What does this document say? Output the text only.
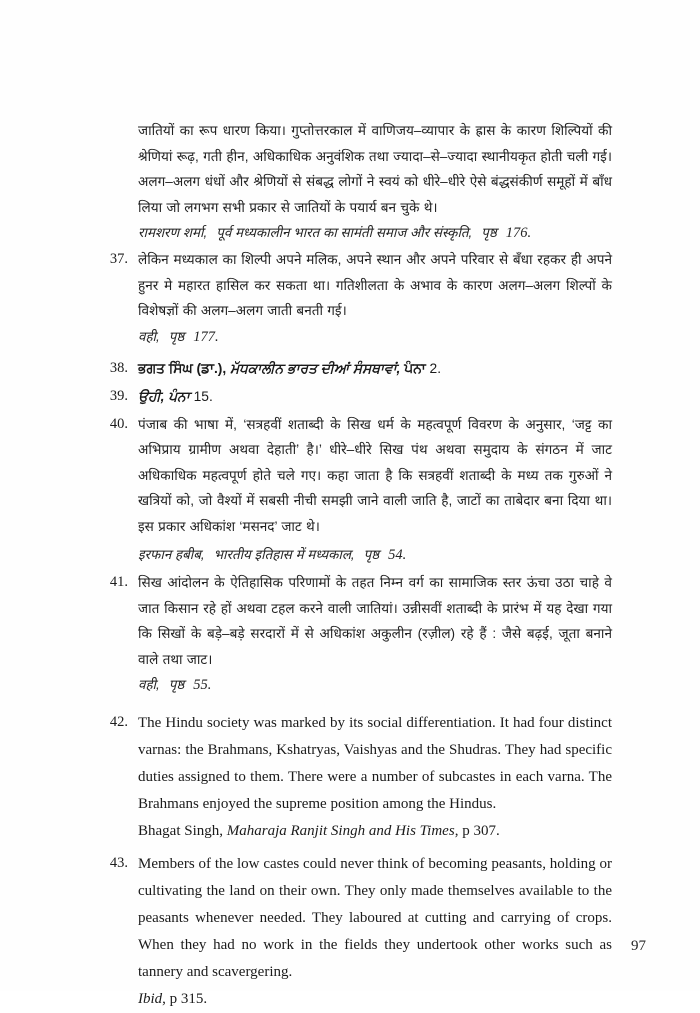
जातियों का रूप धारण किया। गुप्तोत्तरकाल में वाणिजय–व्यापार के ह्रास के कारण शिल्पियों की श्रेणियां रूढ़, गती हीन, अधिकाधिक अनुवंशिक तथा ज्यादा–से–ज्यादा स्थानीयकृत होती चली गई। अलग–अलग धंधों और श्रेणियों से संबद्ध लोगों ने स्वयं को धीरे–धीरे ऐसे बंद्धसंकीर्ण समूहों में बाँध लिया जो लगभग सभी प्रकार से जातियों के पयार्य बन चुके थे।

रामशरण शर्मा, पूर्व मध्यकालीन भारत का सामंती समाज और संस्कृति, पृष्ठ 176.

37. लेकिन मध्यकाल का शिल्पी अपने मलिक, अपने स्थान और अपने परिवार से बँधा रहकर ही अपने हुनर मे महारत हासिल कर सकता था। गतिशीलता के अभाव के कारण अलग–अलग शिल्पों के विशेषज्ञों की अलग–अलग जाती बनती गई।

वही, पृष्ठ 177.

38. ਭਗਤ ਸਿੰਘ (ਡਾ.), ਮੱਧਕਾਲੀਨ ਭਾਰਤ ਦੀਆਂ ਸੰਸਥਾਵਾਂ, ਪੰਨਾ 2.

39. ਉਹੀ, ਪੰਨਾ 15.

40. पंजाब की भाषा में, ‘सत्रहवीं शताब्दी के सिख धर्म के महत्वपूर्ण विवरण के अनुसार, ‘जट्ट का अभिप्राय ग्रामीण अथवा देहाती’ है।’ धीरे–धीरे सिख पंथ अथवा समुदाय के संगठन में जाट अधिकाधिक महत्वपूर्ण होते चले गए। कहा जाता है कि सत्रहवीं शताब्दी के मध्य तक गुरुओं ने खत्रियों को, जो वैश्यों में सबसी नीची समझी जाने वाली जाति है, जाटों का ताबेदार बना दिया था। इस प्रकार अधिकांश ‘मसनद’ जाट थे।

इरफान हबीब, भारतीय इतिहास में मध्यकाल, पृष्ठ 54.

41. सिख आंदोलन के ऐतिहासिक परिणामों के तहत निम्न वर्ग का सामाजिक स्तर ऊंचा उठा चाहे वे जात किसान रहे हों अथवा टहल करने वाली जातियां। उन्नीसवीं शताब्दी के प्रारंभ में यह देखा गया कि सिखों के बड़े–बड़े सरदारों में से अधिकांश अकुलीन (रज़ील) रहे हैं : जैसे बढ़ई, जूता बनाने वाले तथा जाट।

वही, पृष्ठ 55.

42. The Hindu society was marked by its social differentiation. It had four distinct varnas: the Brahmans, Kshatryas, Vaishyas and the Shudras. They had specific duties assigned to them. There were a number of subcastes in each varna. The Brahmans enjoyed the supreme position among the Hindus.

Bhagat Singh, Maharaja Ranjit Singh and His Times, p 307.

43. Members of the low castes could never think of becoming peasants, holding or cultivating the land on their own. They only made themselves available to the peasants whenever needed. They laboured at cutting and carrying of crops. When they had no work in the fields they undertook other works such as tannery and scavergering.

Ibid, p 315.

97
